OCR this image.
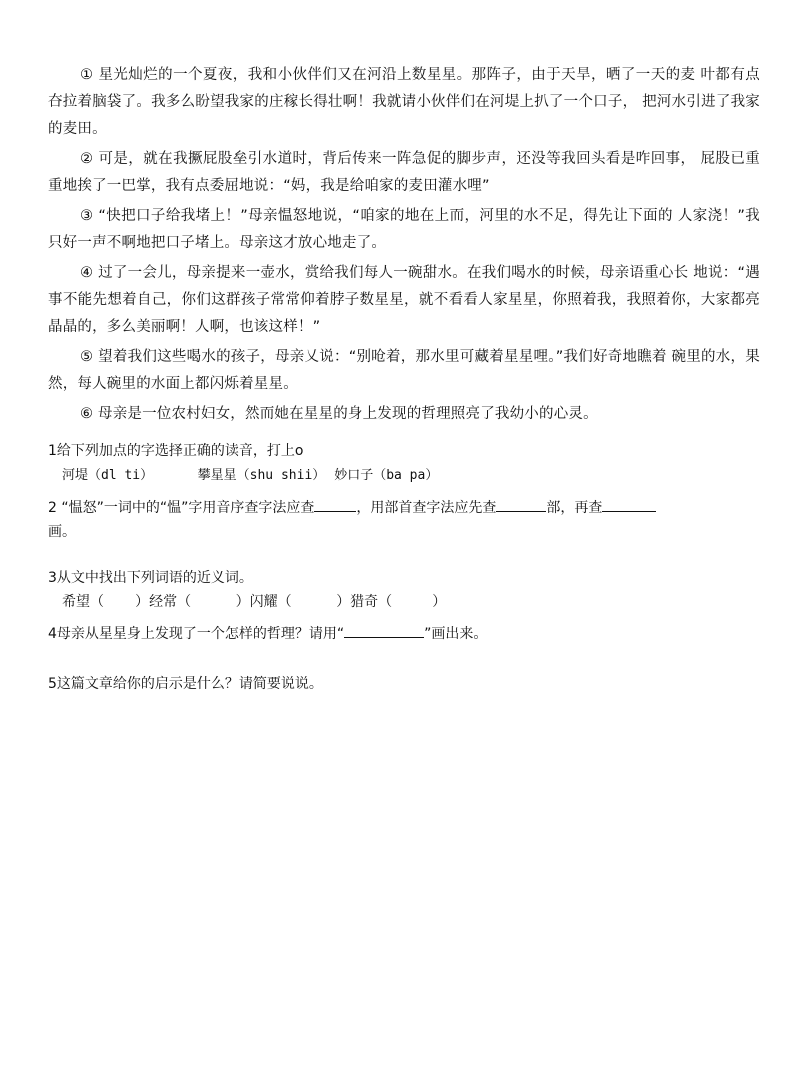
① 星光灿烂的一个夏夜，我和小伙伴们又在河沿上数星星。那阵子，由于天旱，晒了一天的麦 叶都有点夻拉着脑袋了。我多么盼望我家的庄稼长得壮啊！我就请小伙伴们在河堤上扒了一个口子， 把河水引进了我家的麦田。

② 可是，就在我撅屁股垒引水道时，背后传来一阵急促的脚步声，还没等我回头看是咋回事， 屁股已重重地挨了一巴掌，我有点委屈地说：“妈，我是给咱家的麦田灌水哩”

③ “快把口子给我堵上！”母亲愠怒地说，“咱家的地在上而，河里的水不足，得先让下面的 人家浇！”我只好一声不啊地把口子堵上。母亲这才放心地走了。

④ 过了一会儿，母亲提来一壶水，赏给我们每人一碗甜水。在我们喝水的时候，母亲语重心长 地说：“遇事不能先想着自己，你们这群孩子常常仰着脖子数星星，就不看看人家星星，你照着我，我照着你，大家都亮晶晶的，多么美丽啊！人啊，也该这样！”

⑤ 望着我们这些喝水的孩子，母亲乂说：“别呛着，那水里可藏着星星哩。”我们好奇地瞧着 碗里的水，果然，每人碗里的水面上都闪烁着星星。

⑥ 母亲是一位农村妇女，然而她在星星的身上发现的哲理照亮了我幼小的心灵。

1给下列加点的字选择正确的读音，打上o

河堤（dl ti）	攀星星（shu shii） 妙口子（ba pa）

2 “愠怒”一词中的“愠”字用音序查字法应查	，用部首查字法应先查	部，再查
画。

3从文中找出下列词语的近义词。

希望（ ）经常（	）闪耀（	）猎奇（	）

4母亲从星星身上发现了一个怎样的哲理？请用“	”画出来。

5这篇文章给你的启示是什么？请简要说说。
